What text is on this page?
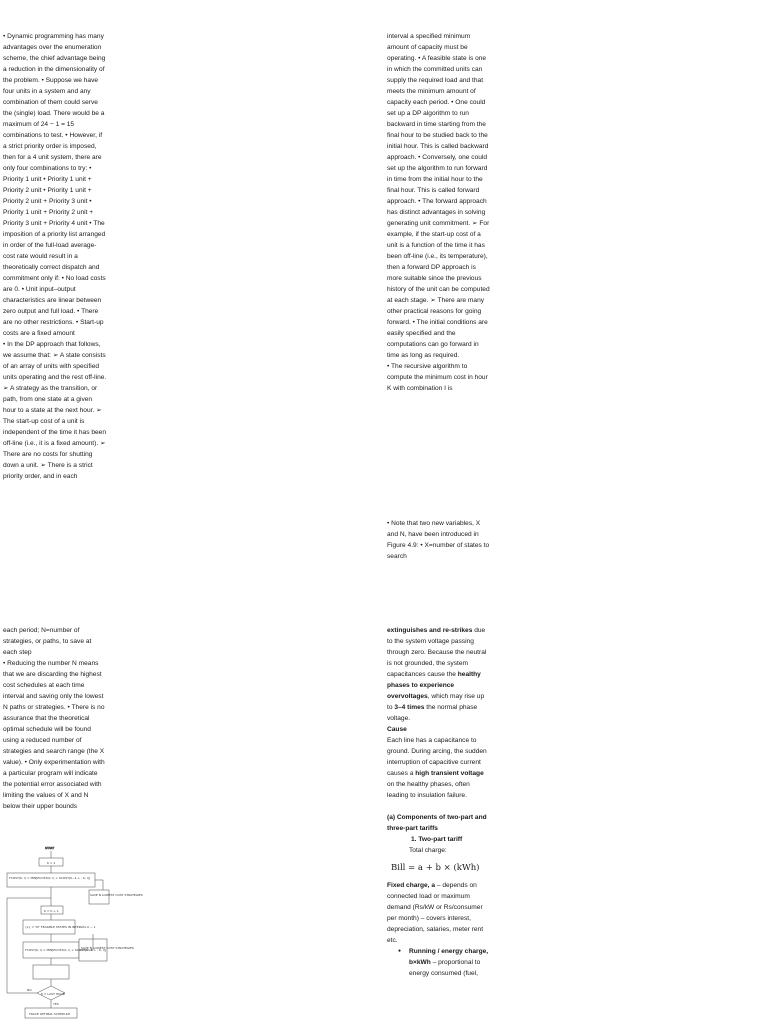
• Dynamic programming has many advantages over the enumeration scheme, the chief advantage being a reduction in the dimensionality of the problem. • Suppose we have four units in a system and any combination of them could serve the (single) load. There would be a maximum of 24 − 1 = 15 combinations to test. • However, if a strict priority order is imposed, then for a 4 unit system, there are only four combinations to try: • Priority 1 unit • Priority 1 unit + Priority 2 unit • Priority 1 unit + Priority 2 unit + Priority 3 unit • Priority 1 unit + Priority 2 unit + Priority 3 unit + Priority 4 unit • The imposition of a priority list arranged in order of the full-load average-cost rate would result in a theoretically correct dispatch and commitment only if: • No load costs are 0. • Unit input–output characteristics are linear between zero output and full load. • There are no other restrictions. • Start-up costs are a fixed amount

• In the DP approach that follows, we assume that: ➢ A state consists of an array of units with specified units operating and the rest off-line. ➢ A strategy as the transition, or path, from one state at a given hour to a state at the next hour. ➢ The start-up cost of a unit is independent of the time it has been off-line (i.e., it is a fixed amount). ➢ There are no costs for shutting down a unit. ➢ There is a strict priority order, and in each

interval a specified minimum amount of capacity must be operating. • A feasible state is one in which the committed units can supply the required load and that meets the minimum amount of capacity each period. • One could set up a DP algorithm to run backward in time starting from the final hour to be studied back to the initial hour. This is called backward approach. • Conversely, one could set up the algorithm to run forward in time from the initial hour to the final hour. This is called forward approach. • The forward approach has distinct advantages in solving generating unit commitment. ➢ For example, if the start-up cost of a unit is a function of the time it has been off-line (i.e., its temperature), then a forward DP approach is more suitable since the previous history of the unit can be computed at each stage. ➢ There are many other practical reasons for going forward. • The initial conditions are easily specified and the computations can go forward in time as long as required.

• The recursive algorithm to compute the minimum cost in hour K with combination I is

• Note that two new variables, X and N, have been introduced in Figure 4.9: • X=number of states to search

each period; N=number of strategies, or paths, to save at each step

• Reducing the number N means that we are discarding the highest cost schedules at each time interval and saving only the lowest N paths or strategies. • There is no assurance that the theoretical optimal schedule will be found using a reduced number of strategies and search range (the X value). • Only experimentation with a particular program will indicate the potential error associated with limiting the values of X and N below their upper bounds

START
K = 1
FCOST(K, I) = MIN[PCOST(K, I) + SCOST(K−1, L : K, I)]
SAVE N LOWEST COST STRATEGIES
K = K + 1
{L} = "N" FEASIBLE STATES IN INTERVAL K − 1
FCOST(K, I) = MIN[PCOST(K, I) + SCOST(K−1, L : K, I)]
SAVE N LOWEST COST STRATEGIES
K = LAST HOUR
NO
YES
TRACE OPTIMAL SCHEDULE

extinguishes and re-strikes due to the system voltage passing through zero. Because the neutral is not grounded, the system capacitances cause the healthy phases to experience overvoltages, which may rise up to 3–4 times the normal phase voltage.

Cause

Each line has a capacitance to ground. During arcing, the sudden interruption of capacitive current causes a high transient voltage on the healthy phases, often leading to insulation failure.

(a) Components of two-part and three-part tariffs

1. Two-part tariff

Total charge:

Bill = a + b × (kWh)

Fixed charge, a – depends on connected load or maximum demand (Rs/kW or Rs/consumer per month) – covers interest, depreciation, salaries, meter rent etc.

● Running / energy charge, b×kWh – proportional to energy consumed (fuel,
